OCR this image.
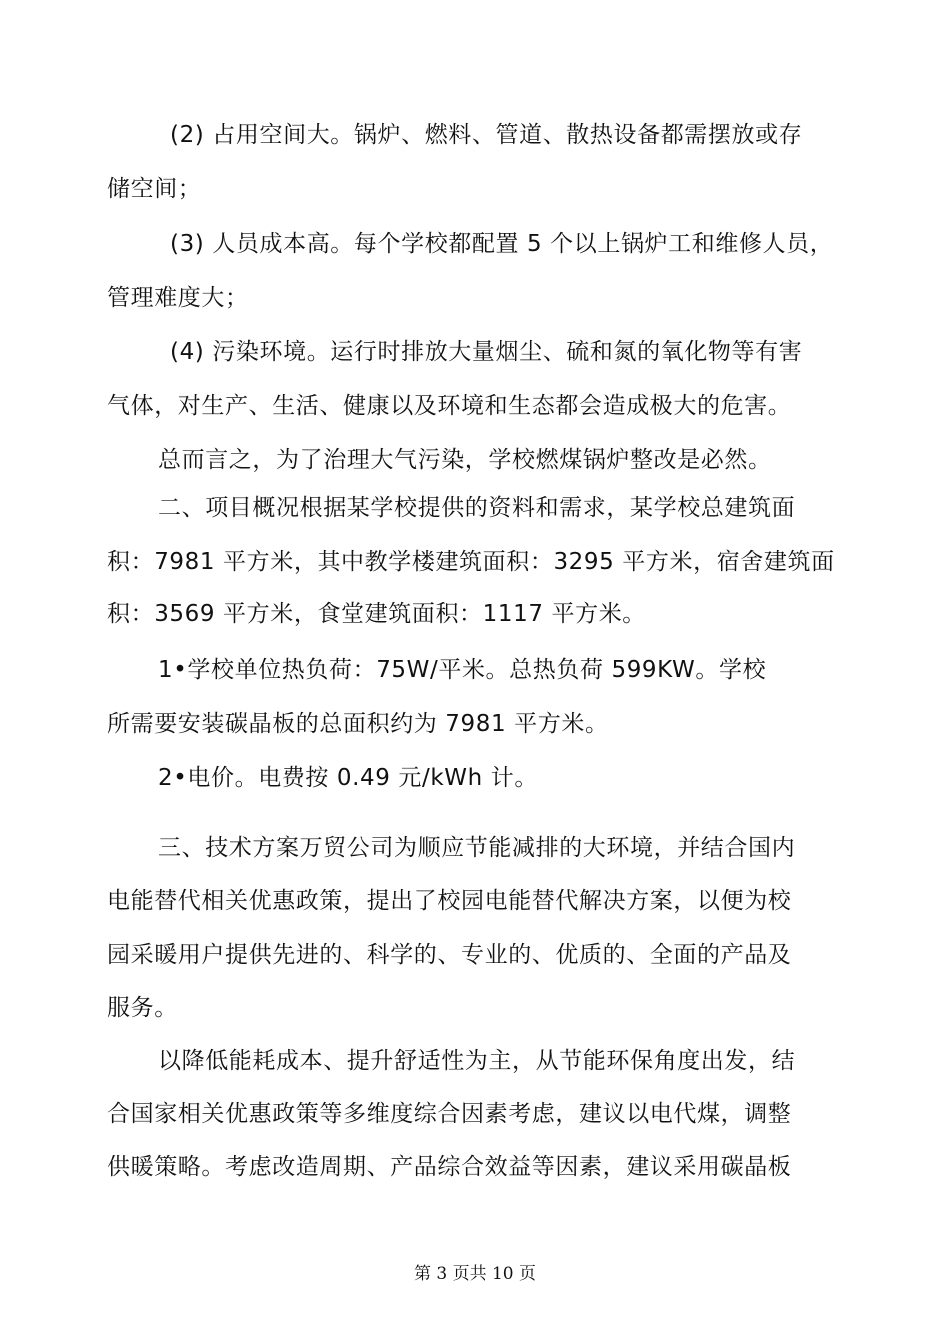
(2) 占用空间大。锅炉、燃料、管道、散热设备都需摆放或存
储空间；
(3) 人员成本高。每个学校都配置 5 个以上锅炉工和维修人员，
管理难度大；
(4) 污染环境。运行时排放大量烟尘、硫和氮的氧化物等有害
气体，对生产、生活、健康以及环境和生态都会造成极大的危害。
总而言之，为了治理大气污染，学校燃煤锅炉整改是必然。
二、项目概况根据某学校提供的资料和需求，某学校总建筑面
积：7981 平方米，其中教学楼建筑面积：3295 平方米，宿舍建筑面
积：3569 平方米，食堂建筑面积：1117 平方米。
1•学校单位热负荷：75W/平米。总热负荷 599KW。学校
所需要安装碳晶板的总面积约为 7981 平方米。
2•电价。电费按 0.49 元/kWh 计。
三、技术方案万贸公司为顺应节能减排的大环境，并结合国内
电能替代相关优惠政策，提出了校园电能替代解决方案，以便为校
园采暖用户提供先进的、科学的、专业的、优质的、全面的产品及
服务。
以降低能耗成本、提升舒适性为主，从节能环保角度出发，结
合国家相关优惠政策等多维度综合因素考虑，建议以电代煤，调整
供暖策略。考虑改造周期、产品综合效益等因素，建议采用碳晶板
第 3 页共 10 页
